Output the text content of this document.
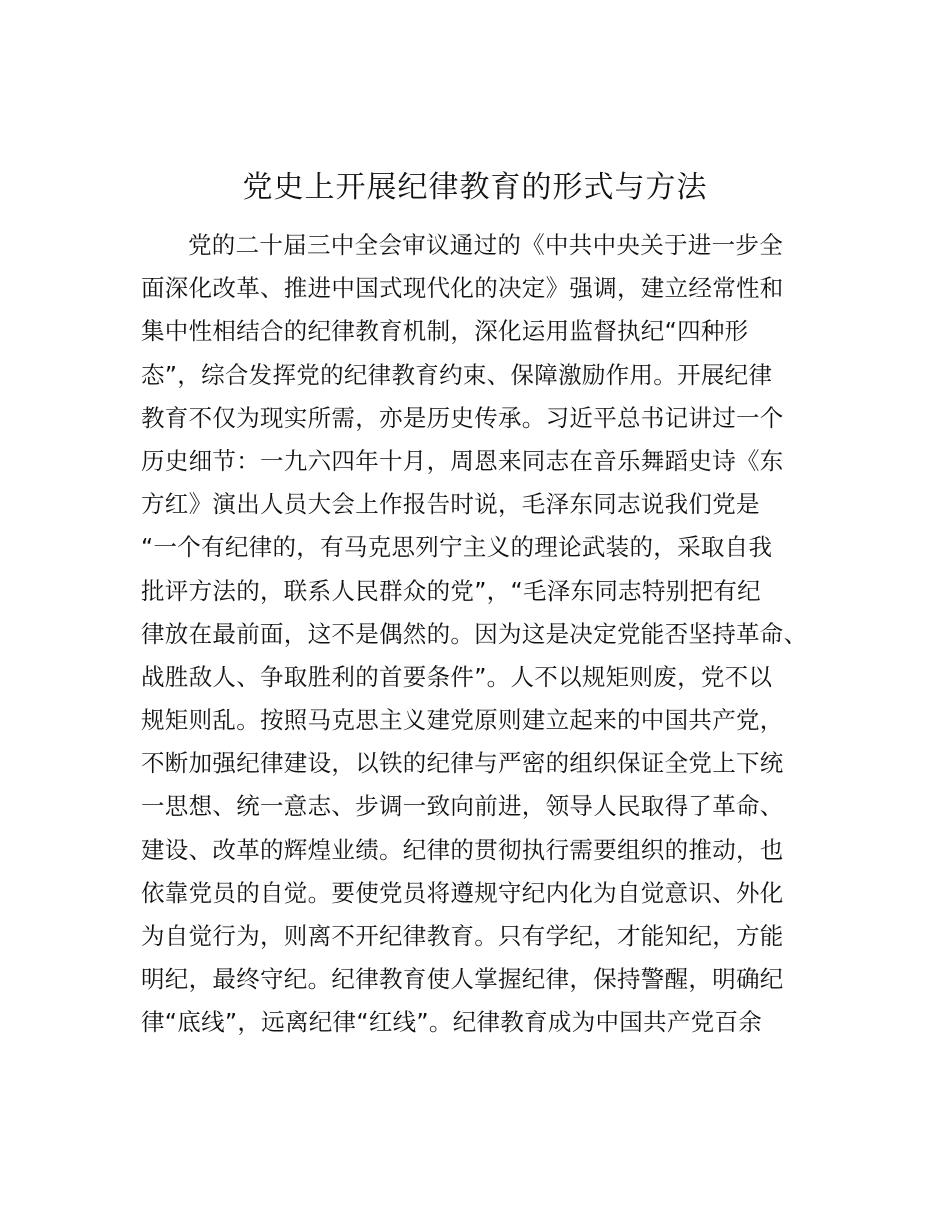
党史上开展纪律教育的形式与方法
党的二十届三中全会审议通过的《中共中央关于进一步全
面深化改革、推进中国式现代化的决定》强调，建立经常性和
集中性相结合的纪律教育机制，深化运用监督执纪“四种形
态”，综合发挥党的纪律教育约束、保障激励作用。开展纪律
教育不仅为现实所需，亦是历史传承。习近平总书记讲过一个
历史细节：一九六四年十月，周恩来同志在音乐舞蹈史诗《东
方红》演出人员大会上作报告时说，毛泽东同志说我们党是
“一个有纪律的，有马克思列宁主义的理论武装的，采取自我
批评方法的，联系人民群众的党”，“毛泽东同志特别把有纪
律放在最前面，这不是偶然的。因为这是决定党能否坚持革命、
战胜敌人、争取胜利的首要条件”。人不以规矩则废，党不以
规矩则乱。按照马克思主义建党原则建立起来的中国共产党，
不断加强纪律建设，以铁的纪律与严密的组织保证全党上下统
一思想、统一意志、步调一致向前进，领导人民取得了革命、
建设、改革的辉煌业绩。纪律的贯彻执行需要组织的推动，也
依靠党员的自觉。要使党员将遵规守纪内化为自觉意识、外化
为自觉行为，则离不开纪律教育。只有学纪，才能知纪，方能
明纪，最终守纪。纪律教育使人掌握纪律，保持警醒，明确纪
律“底线”，远离纪律“红线”。纪律教育成为中国共产党百余
